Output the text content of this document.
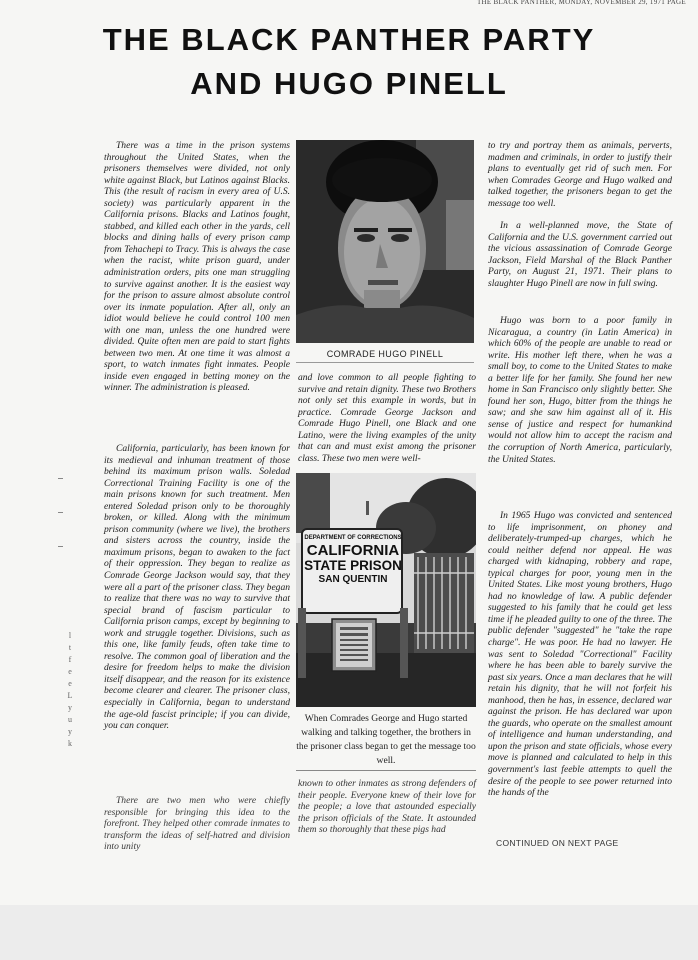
THE BLACK PANTHER, MONDAY, NOVEMBER 29, 1971 PAGE
THE BLACK PANTHER PARTY
AND HUGO PINELL

There was a time in the prison systems throughout the United States, when the prisoners themselves were divided, not only white against Black, but Latinos against Blacks. This (the result of racism in every area of U.S. society) was particularly apparent in the California prisons. Blacks and Latinos fought, stabbed, and killed each other in the yards, cell blocks and dining halls of every prison camp from Tehachepi to Tracy. This is always the case when the racist, white prison guard, under administration orders, pits one man struggling to survive against another. It is the easiest way for the prison to assure almost absolute control over its inmate population. After all, only an idiot would believe he could control 100 men with one man, unless the one hundred were divided. Quite often men are paid to start fights between two men. At one time it was almost a sport, to watch inmates fight inmates. People inside even engaged in betting money on the winner. The administration is pleased.

California, particularly, has been known for its medieval and inhuman treatment of those behind its maximum prison walls. Soledad Correctional Training Facility is one of the main prisons known for such treatment. Men entered Soledad prison only to be thoroughly broken, or killed. Along with the minimum prison community (where we live), the brothers and sisters across the country, inside the maximum prisons, began to awaken to the fact of their oppression. They began to realize as Comrade George Jackson would say, that they were all a part of the prisoner class. They began to realize that there was no way to survive that special brand of fascism particular to California prison camps, except by beginning to work and struggle together. Divisions, such as this one, like family feuds, often take time to resolve. The common goal of liberation and the desire for freedom helps to make the division itself disappear, and the reason for its existence become clearer and clearer. The prisoner class, especially in California, began to understand the age-old fascist principle; if you can divide, you can conquer.

There are two men who were chiefly responsible for bringing this idea to the forefront. They helped other comrade inmates to transform the ideas of self-hatred and division into unity

COMRADE HUGO PINELL

and love common to all people fighting to survive and retain dignity. These two Brothers not only set this example in words, but in practice. Comrade George Jackson and Comrade Hugo Pinell, one Black and one Latino, were the living examples of the unity that can and must exist among the prisoner class. These two men were well-

DEPARTMENT OF CORRECTIONS
CALIFORNIA
STATE PRISON
SAN QUENTIN

When Comrades George and Hugo started walking and talking together, the brothers in the prisoner class began to get the message too well.

known to other inmates as strong defenders of their people. Everyone knew of their love for the people; a love that astounded especially the prison officials of the State. It astounded them so thoroughly that these pigs had

to try and portray them as animals, perverts, madmen and criminals, in order to justify their plans to eventually get rid of such men. For when Comrades George and Hugo walked and talked together, the prisoners began to get the message too well.

In a well-planned move, the State of California and the U.S. government carried out the vicious assassination of Comrade George Jackson, Field Marshal of the Black Panther Party, on August 21, 1971. Their plans to slaughter Hugo Pinell are now in full swing.

Hugo was born to a poor family in Nicaragua, a country (in Latin America) in which 60% of the people are unable to read or write. His mother left there, when he was a small boy, to come to the United States to make a better life for her family. She found her new home in San Francisco only slightly better. She found her son, Hugo, bitter from the things he saw; and she saw him against all of it. His sense of justice and respect for humankind would not allow him to accept the racism and the corruption of North America, particularly, the United States.

In 1965 Hugo was convicted and sentenced to life imprisonment, on phoney and deliberately-trumped-up charges, which he could neither defend nor appeal. He was charged with kidnaping, robbery and rape, typical charges for poor, young men in the United States. Like most young brothers, Hugo had no knowledge of law. A public defender suggested to his family that he could get less time if he pleaded guilty to one of the three. The public defender "suggested" he "take the rape charge". He was poor. He had no lawyer. He was sent to Soledad "Correctional" Facility where he has been able to barely survive the past six years. Once a man declares that he will retain his dignity, that he will not forfeit his manhood, then he has, in essence, declared war against the prison. He has declared war upon the guards, who operate on the smallest amount of intelligence and human understanding, and upon the prison and state officials, whose every move is planned and calculated to help in this government's last feeble attempts to quell the desire of the people to see power returned into the hands of the

CONTINUED ON NEXT PAGE
l t f e e L y u y k
